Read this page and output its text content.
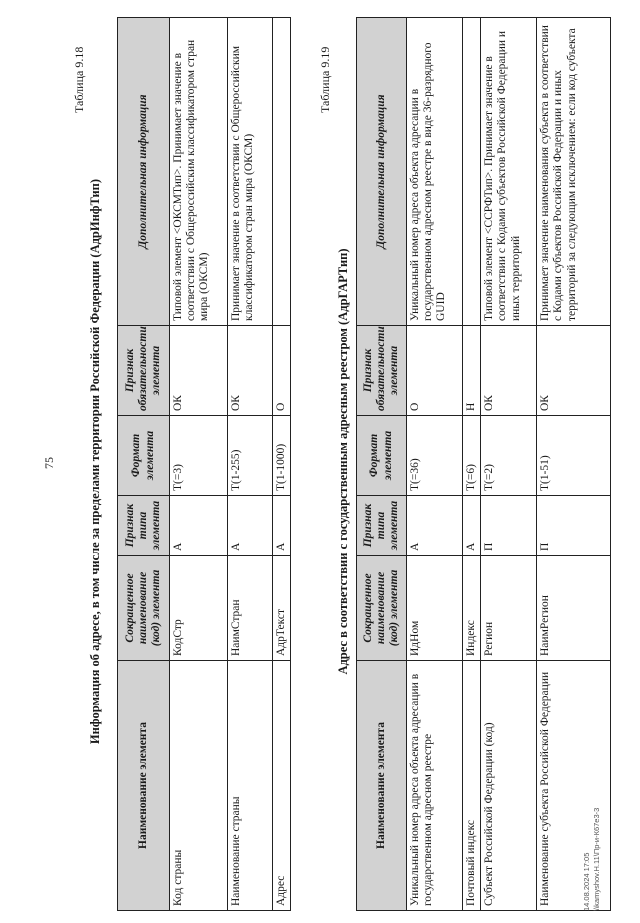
75
Таблица 9.18
Информация об адресе, в том числе за пределами территории Российской Федерации (АдрИнфТип)
Наименование элемента	Сокращенное наименование (код) элемента	Признак типа элемента	Формат элемента	Признак обязательности элемента	Дополнительная информация
Код страны	КодСтр	А	T(=3)	ОК	Типовой элемент <ОКСМТип>. Принимает значение в соответствии с Общероссийским классификатором стран мира (ОКСМ)
Наименование страны	НаимСтран	А	T(1-255)	ОК	Принимает значение в соответствии с Общероссийским классификатором стран мира (ОКСМ)
Адрес	АдрТекст	А	T(1-1000)	О	
Таблица 9.19
Адрес в соответствии с государственным адресным реестром (АдрГАРТип)
Наименование элемента	Сокращенное наименование (код) элемента	Признак типа элемента	Формат элемента	Признак обязательности элемента	Дополнительная информация
Уникальный номер адреса объекта адресации в государственном адресном реестре	ИдНом	А	T(=36)	О	Уникальный номер адреса объекта адресации в государственном адресном реестре в виде 36-разрядного GUID
Почтовый индекс	Индекс	А	T(=6)	Н	
Субъект Российской Федерации (код)	Регион	П	T(=2)	ОК	Типовой элемент <ССРФТип>. Принимает значение в соответствии с Кодами субъектов Российской Федерации и иных территорий
Наименование субъекта Российской Федерации	НаимРегион	П	T(1-51)	ОК	Принимает значение наименования субъекта в соответствии с Кодами субъектов Российской Федерации и иных территорий за следующим исключением: если код субъекта
14.08.2024 17:05 \\kamyshov.H.11\Пр-и-К67е3-3
